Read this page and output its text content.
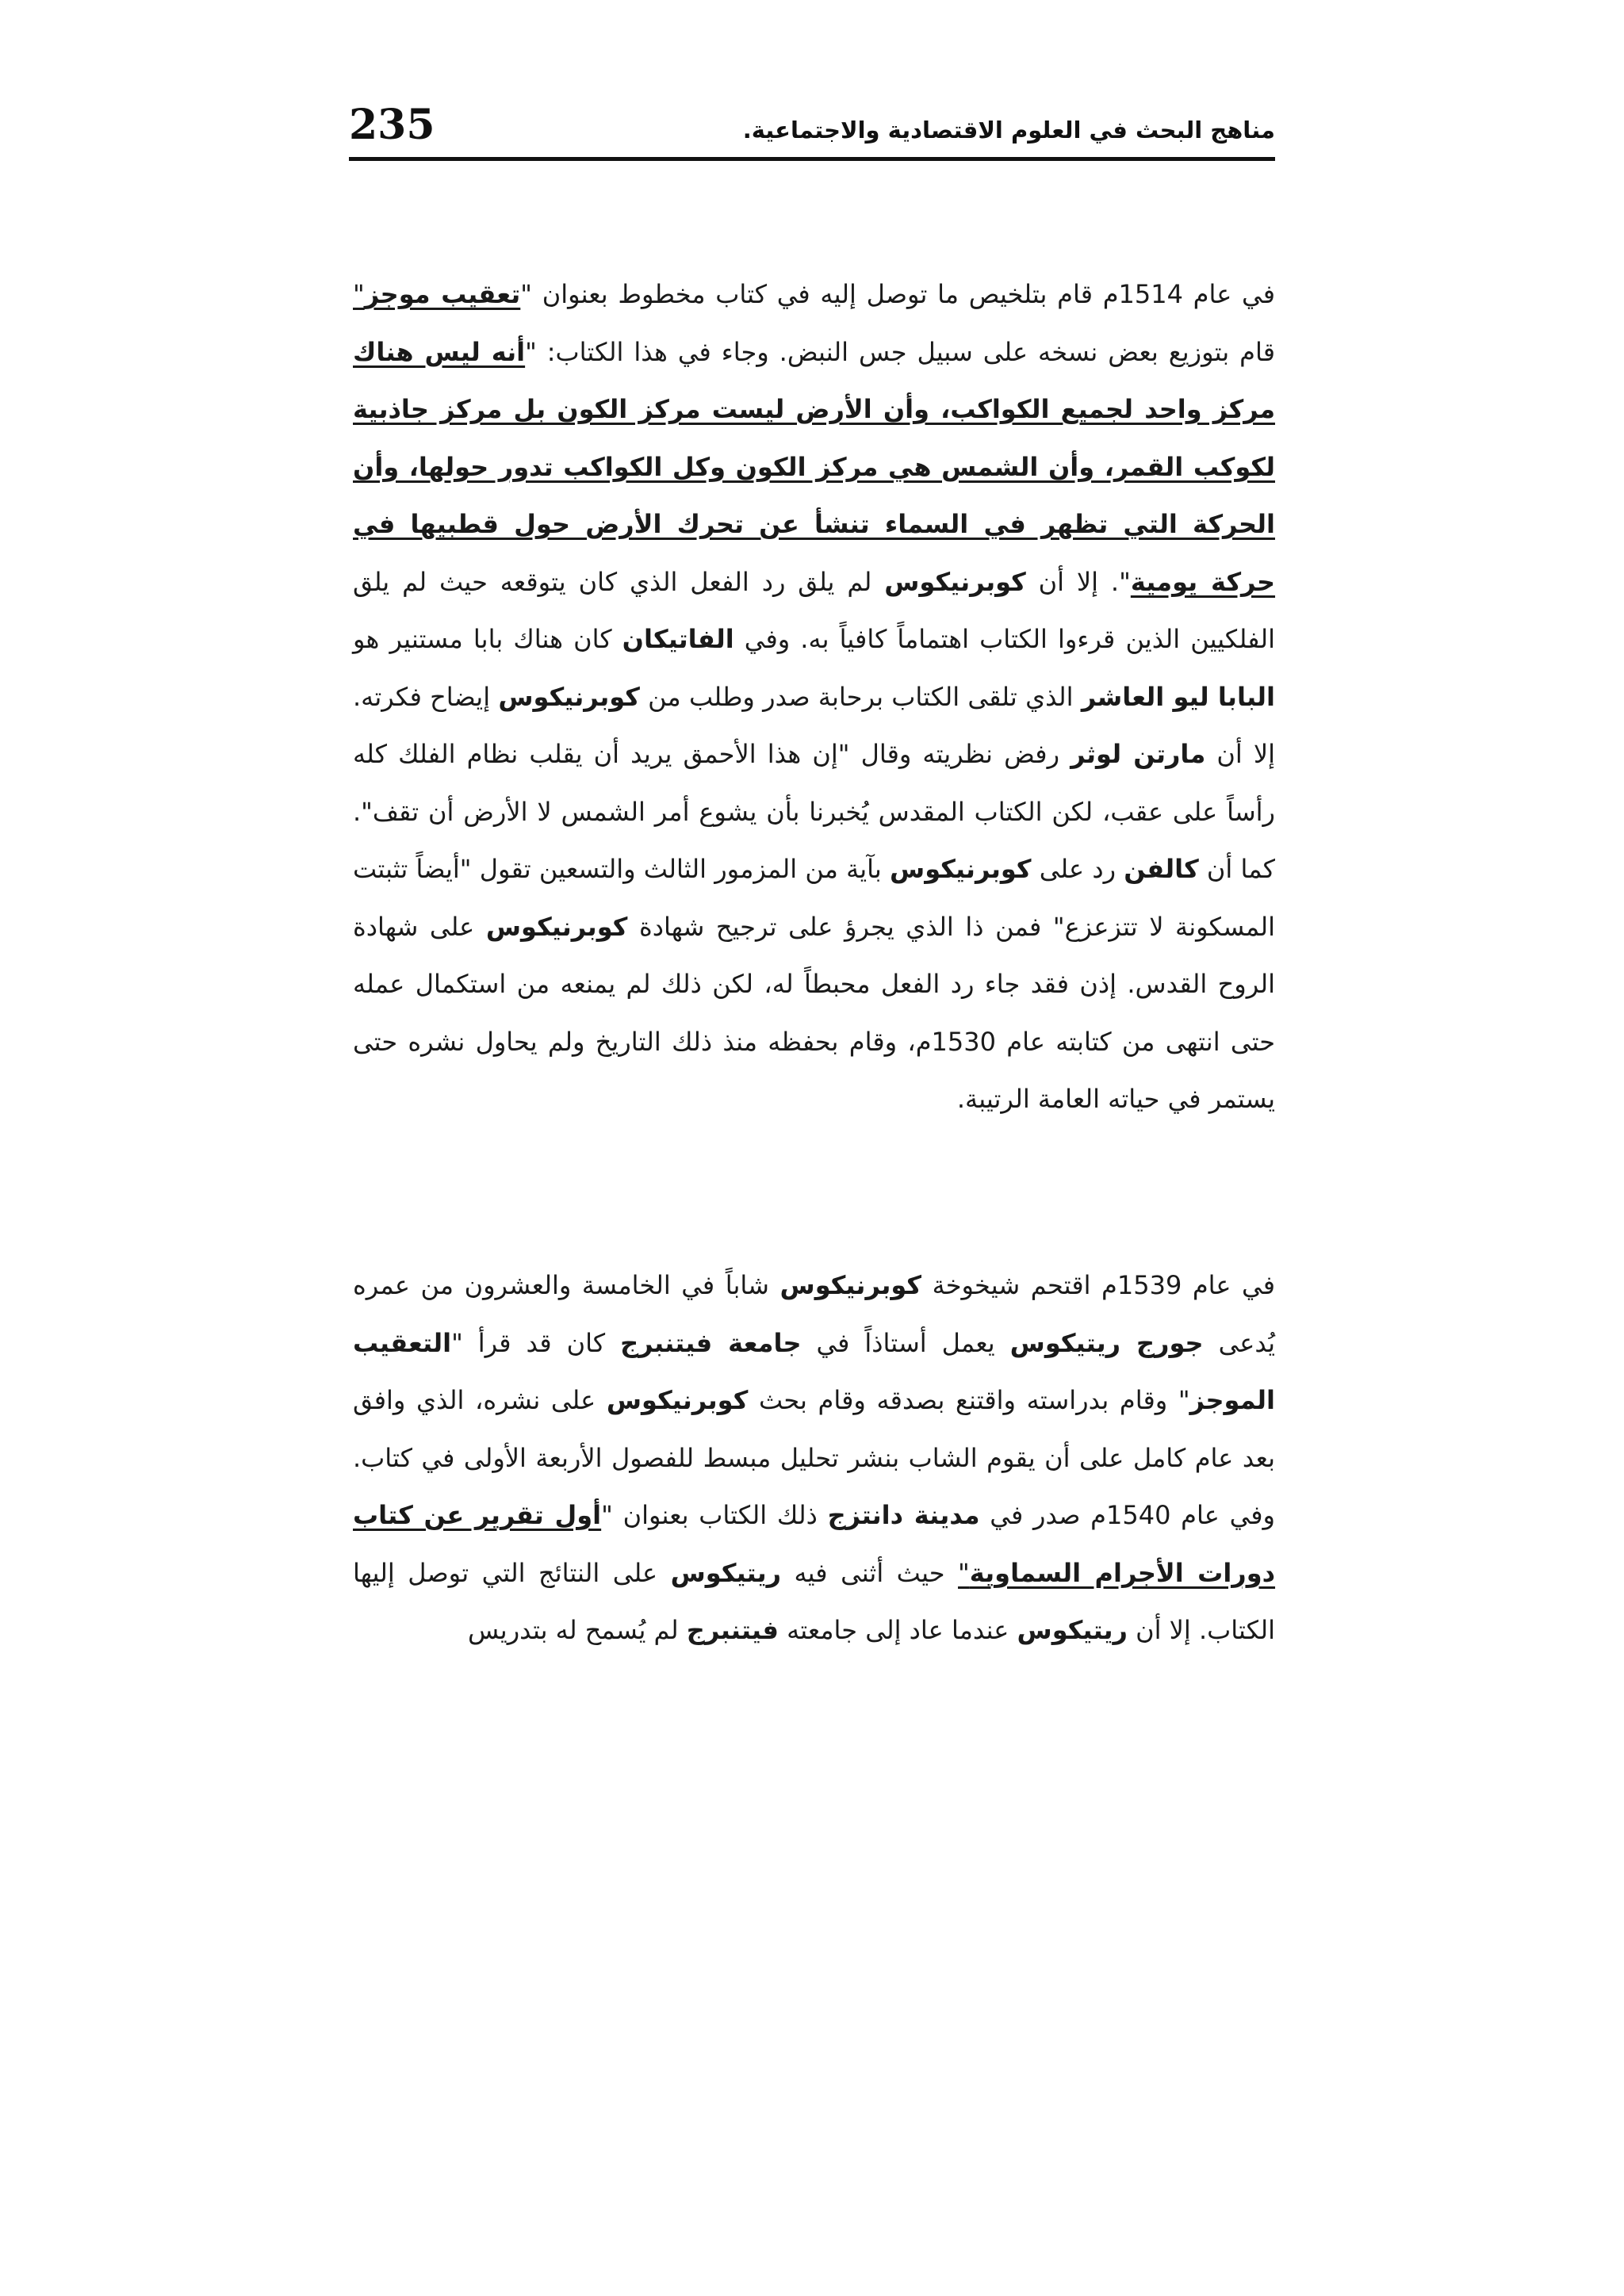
235	مناهج البحث في العلوم الاقتصادية والاجتماعية.
في عام 1514م قام بتلخيص ما توصل إليه في كتاب مخطوط بعنوان "تعقيب موجز" قام بتوزيع بعض نسخه على سبيل جس النبض. وجاء في هذا الكتاب: "أنه ليس هناك مركز واحد لجميع الكواكب، وأن الأرض ليست مركز الكون بل مركز جاذبية لكوكب القمر، وأن الشمس هي مركز الكون وكل الكواكب تدور حولها، وأن الحركة التي تظهر في السماء تنشأ عن تحرك الأرض حول قطبيها في حركة يومية". إلا أن كوبرنيكوس لم يلق رد الفعل الذي كان يتوقعه حيث لم يلق الفلكيين الذين قرءوا الكتاب اهتماماً كافياً به. وفي الفاتيكان كان هناك بابا مستنير هو البابا ليو العاشر الذي تلقى الكتاب برحابة صدر وطلب من كوبرنيكوس إيضاح فكرته. إلا أن مارتن لوثر رفض نظريته وقال "إن هذا الأحمق يريد أن يقلب نظام الفلك كله رأساً على عقب، لكن الكتاب المقدس يُخبرنا بأن يشوع أمر الشمس لا الأرض أن تقف". كما أن كالفن رد على كوبرنيكوس بآية من المزمور الثالث والتسعين تقول "أيضاً تثبتت المسكونة لا تتزعزع" فمن ذا الذي يجرؤ على ترجيح شهادة كوبرنيكوس على شهادة الروح القدس. إذن فقد جاء رد الفعل محبطاً له، لكن ذلك لم يمنعه من استكمال عمله حتى انتهى من كتابته عام 1530م، وقام بحفظه منذ ذلك التاريخ ولم يحاول نشره حتى يستمر في حياته العامة الرتيبة.
في عام 1539م اقتحم شيخوخة كوبرنيكوس شاباً في الخامسة والعشرون من عمره يُدعى جورج ريتيكوس يعمل أستاذاً في جامعة فيتنبرج كان قد قرأ "التعقيب الموجز" وقام بدراسته واقتنع بصدقه وقام بحث كوبرنيكوس على نشره، الذي وافق بعد عام كامل على أن يقوم الشاب بنشر تحليل مبسط للفصول الأربعة الأولى في كتاب. وفي عام 1540م صدر في مدينة دانتزج ذلك الكتاب بعنوان "أول تقرير عن كتاب دورات الأجرام السماوية" حيث أثنى فيه ريتيكوس على النتائج التي توصل إليها الكتاب. إلا أن ريتيكوس عندما عاد إلى جامعته فيتنبرج لم يُسمح له بتدريس
